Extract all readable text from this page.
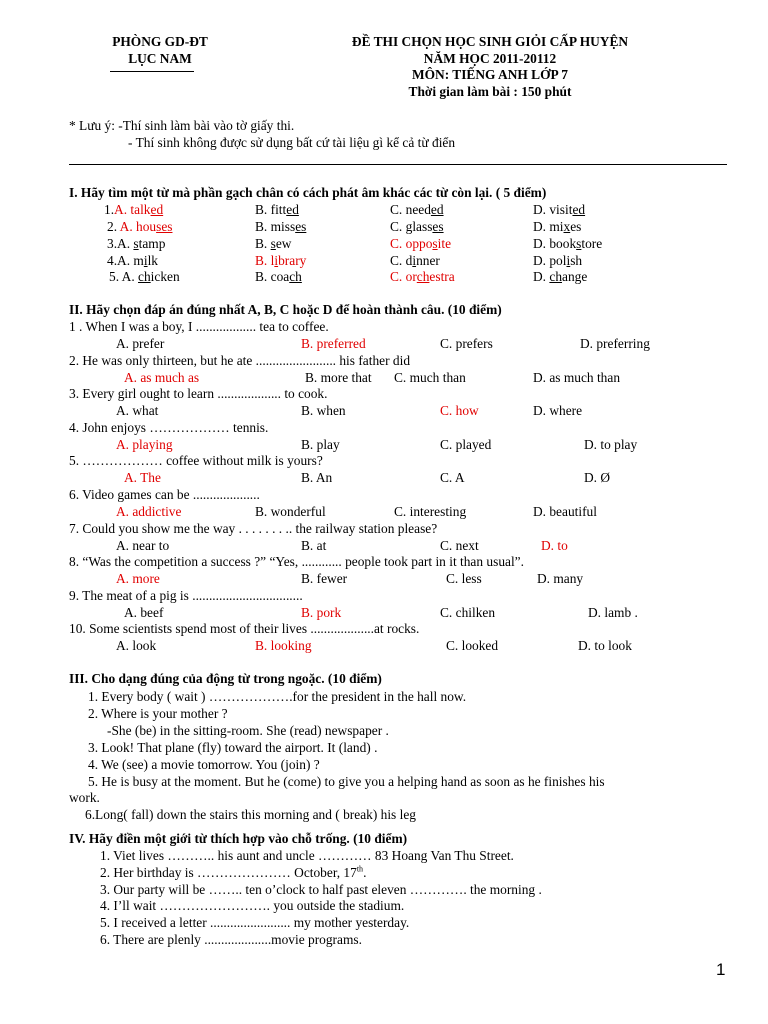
PHÒNG GD-ĐT
LỤC NAM
ĐỀ THI CHỌN HỌC SINH GIỎI CẤP HUYỆN
NĂM HỌC 2011-20112
MÔN: TIẾNG ANH LỚP 7
Thời gian làm bài : 150 phút
* Lưu ý: -Thí sinh làm bài vào tờ giấy thi.
- Thí sinh không được sử dụng bất cứ tài liệu gì kể cả từ điển
I. Hãy tìm một từ mà phần gạch chân có cách phát âm khác các từ còn lại. ( 5 điểm)
1.A. talked	B. fitted	C. needed	D. visited
2. A. houses	B. misses	C. glasses	D. mixes
3.A. stamp	B. sew	C. opposite	D. bookstore
4.A. milk	B. library	C. dinner	D. polish
5. A. chicken	B. coach	C. orchestra	D. change
II. Hãy chọn đáp án đúng nhất A, B, C hoặc D để hoàn thành câu. (10 điểm)
1 . When I was a boy, I .................. tea to coffee.
A. prefer	B. preferred	C. prefers	D. preferring
2. He was only thirteen, but he ate ........................ his father did
A. as much as	B. more that C. much than	D. as much than
3. Every girl ought to learn ................... to cook.
A. what	B. when	C. how	D. where
4. John enjoys ……………… tennis.
A. playing	B. play	C. played	D. to play
5. ……………… coffee without milk is yours?
A. The	B. An	C. A	D. Ø
6. Video games can be ....................
A. addictive	B. wonderful	C. interesting	D. beautiful
7. Could you show me the way . . . . . . . .. the railway station please?
A. near to	B. at	C. next	D. to
8. “Was the competition a success ?” “Yes, ............ people took part in it than usual”.
A. more	B. fewer	C. less	D. many
9. The meat of a pig is .................................
A. beef	B. pork	C. chilken	D. lamb .
10. Some scientists spend most of their lives ...................at rocks.
A. look	B. looking	C. looked	D. to look
III. Cho dạng đúng của động từ trong ngoặc. (10 điểm)
1. Every body ( wait ) ……………….for the president in the hall now.
2. Where is your mother ?
-She (be) in the sitting-room. She (read) newspaper .
3. Look! That plane (fly) toward the airport. It (land) .
4. We (see) a movie tomorrow. You (join) ?
5. He is busy at the moment. But he (come) to give you a helping hand as soon as he finishes his
work.
6.Long( fall) down the stairs this morning and ( break) his leg
IV. Hãy điền một giới từ thích hợp vào chỗ trống. (10 điểm)
1. Viet lives ……….. his aunt and uncle ………… 83 Hoang Van Thu Street.
2. Her birthday is ………………… October, 17th.
3. Our party will be …….. ten o’clock to half past eleven …………. the morning .
4. I’ll wait ……………………. you outside the stadium.
5. I received a letter ........................ my mother yesterday.
6. There are plenly ....................movie programs.
1
